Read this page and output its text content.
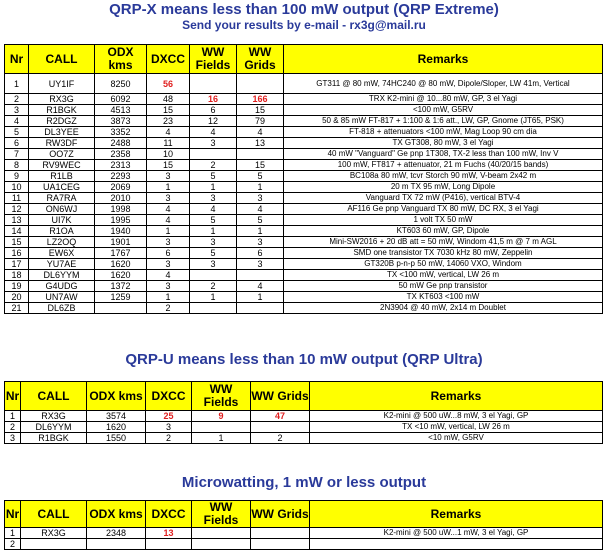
QRP-X means less than 100 mW output (QRP Extreme)
Send your results by e-mail - rx3g@mail.ru
Nr	CALL	ODX kms	DXCC	WW Fields	WW Grids	Remarks
1	UY1IF	8250	56			GT311 @ 80 mW, 74HC240 @ 80 mW, Dipole/Sloper, LW 41m, Vertical
2	RX3G	6092	48	16	166	TRX K2-mini @ 10...80 mW, GP, 3 el Yagi
3	R1BGK	4513	15	6	15	<100 mW, G5RV
4	R2DGZ	3873	23	12	79	50 & 85 mW FT-817 + 1:100 & 1:6 att., LW, GP, Gnome (JT65, PSK)
5	DL3YEE	3352	4	4	4	FT-818 + attenuators <100 mW, Mag Loop 90 cm dia
6	RW3DF	2488	11	3	13	TX GT308, 80 mW, 3 el Yagi
7	OO7Z	2358	10			40 mW "Vanguard" Ge pnp 1T308, TX-2 less than 100 mW, Inv V
8	RV9WEC	2313	15	2	15	100 mW, FT817 + attenuator, 21 m Fuchs (40/20/15 bands)
9	R1LB	2293	3	5	5	BC108a 80 mW, tcvr Storch 90 mW, V-beam 2x42 m
10	UA1CEG	2069	1	1	1	20 m TX 95 mW, Long Dipole
11	RA7RA	2010	3	3	3	Vanguard TX 72 mW (P416), vertical BTV-4
12	ON6WJ	1998	4	4	4	AF116 Ge pnp Vanguard TX 80 mW, DC RX, 3 el Yagi
13	UI7K	1995	4	5	5	1 volt TX 50 mW
14	R1OA	1940	1	1	1	KT603 60 mW, GP, Dipole
15	LZ2OQ	1901	3	3	3	Mini-SW2016 + 20 dB att = 50 mW, Windom 41,5 m @ 7 m AGL
16	EW6X	1767	6	5	6	SMD one transistor TX 7030 kHz 80 mW, Zeppelin
17	YU7AE	1620	3	3	3	GT320B p-n-p 50 mW, 14060 VXO, Windom
18	DL6YYM	1620	4			TX <100 mW, vertical, LW 26 m
19	G4UDG	1372	3	2	4	50 mW Ge pnp transistor
20	UN7AW	1259	1	1	1	TX KT603 <100 mW
21	DL6ZB		2			2N3904 @ 40 mW, 2x14 m Doublet
QRP-U means less than 10 mW output (QRP Ultra)
Nr	CALL	ODX kms	DXCC	WW Fields	WW Grids	Remarks
1	RX3G	3574	25	9	47	K2-mini @ 500 uW...8 mW, 3 el Yagi, GP
2	DL6YYM	1620	3			TX <10 mW, vertical, LW 26 m
3	R1BGK	1550	2	1	2	<10 mW, G5RV
Microwatting, 1 mW or less output
Nr	CALL	ODX kms	DXCC	WW Fields	WW Grids	Remarks
1	RX3G	2348	13			K2-mini @ 500 uW...1 mW, 3 el Yagi, GP
2						
